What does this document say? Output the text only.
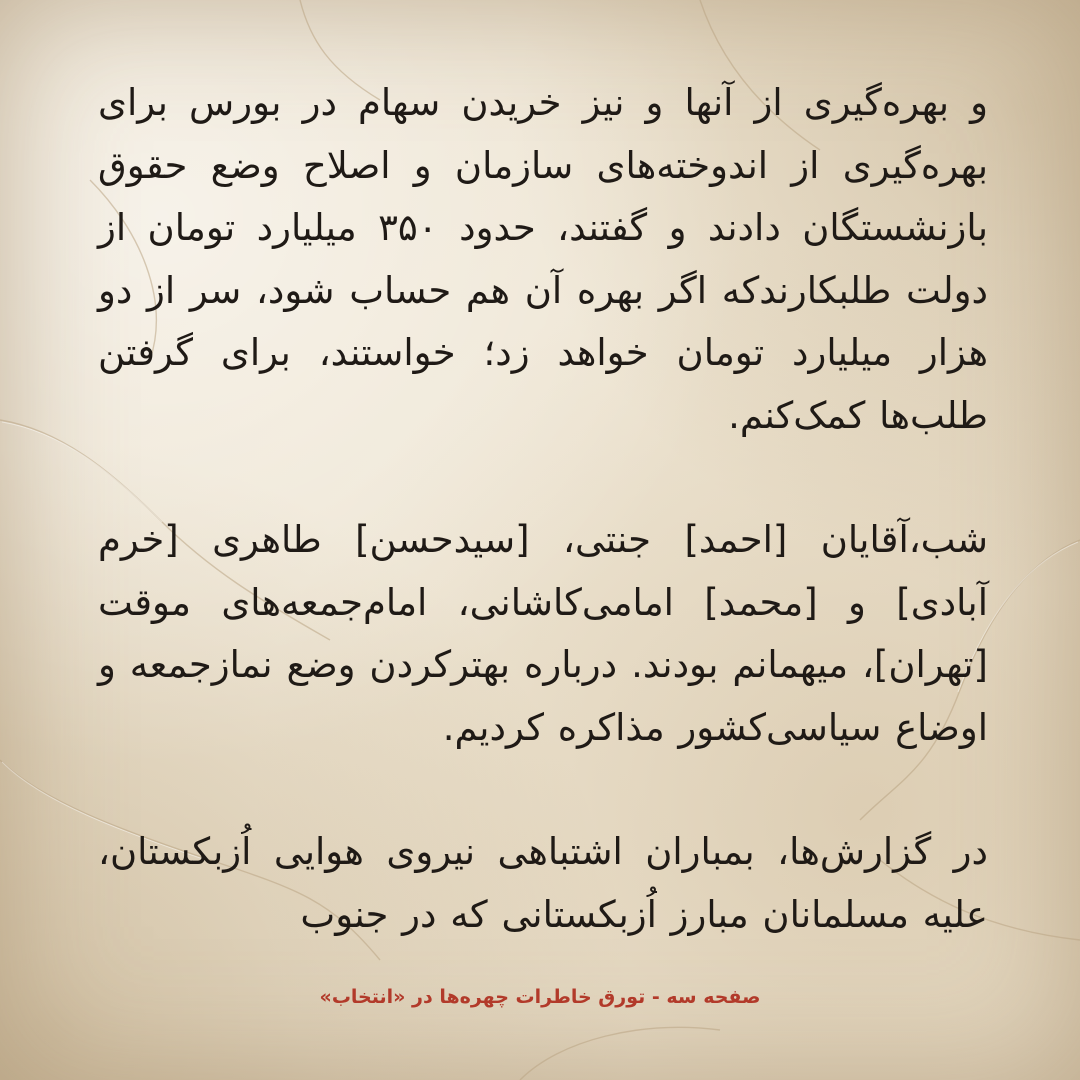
و بهره‌گیری از آنها و نیز خریدن سهام در بورس برای بهره‌گیری از اندوخته‌های سازمان و اصلاح وضع حقوق بازنشستگان دادند و گفتند، حدود ۳۵۰ میلیارد تومان از دولت طلبکارندکه اگر بهره آن هم حساب شود، سر از دو هزار میلیارد تومان خواهد زد؛ خواستند، برای گرفتن طلب‌ها کمک‌کنم.

شب،آقایان [احمد] جنتی، [سیدحسن] طاهری [خرم آبادی] و [محمد] امامی‌کاشانی، امام‌جمعه‌های موقت [تهران]، میهمانم بودند. درباره بهترکردن وضع نمازجمعه و اوضاع سیاسی‌کشور مذاکره کردیم.

در گزارش‌ها، بمباران اشتباهی نیروی هوایی اُزبکستان، علیه مسلمانان مبارز اُزبکستانی که در جنوب

صفحه سه - تورق خاطرات چهره‌ها در «انتخاب»
